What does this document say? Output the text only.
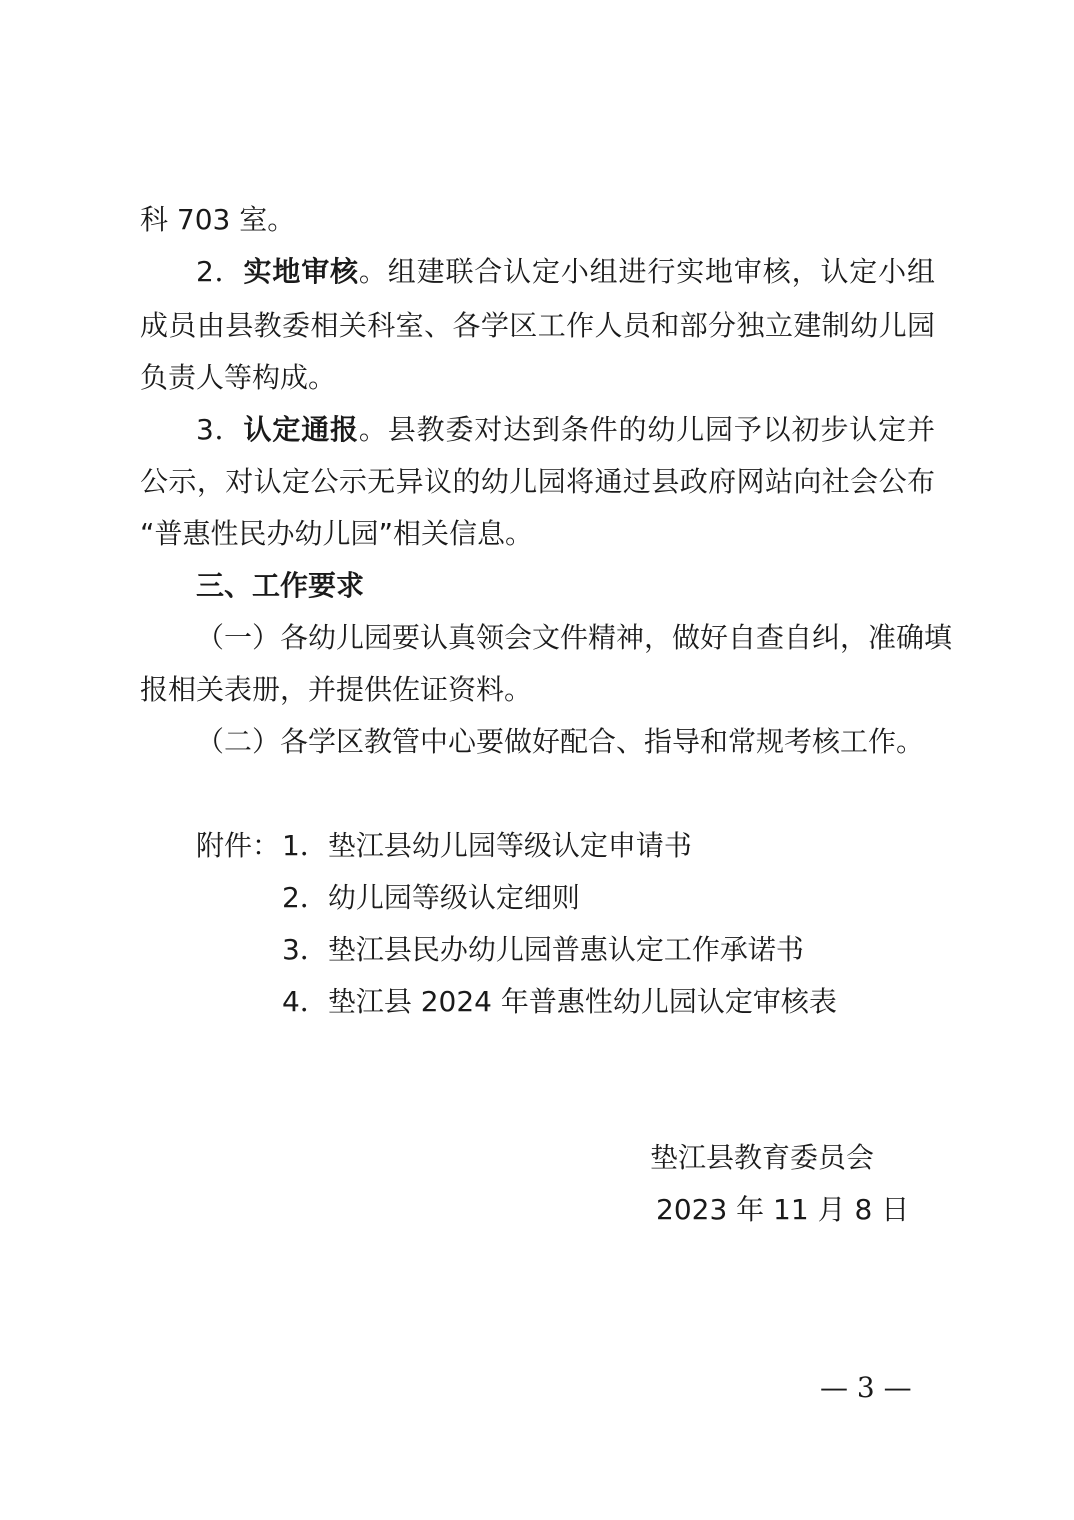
科 703 室。
2．实地审核。组建联合认定小组进行实地审核，认定小组
成员由县教委相关科室、各学区工作人员和部分独立建制幼儿园
负责人等构成。
3．认定通报。县教委对达到条件的幼儿园予以初步认定并
公示，对认定公示无异议的幼儿园将通过县政府网站向社会公布
“普惠性民办幼儿园”相关信息。
三、工作要求
（一）各幼儿园要认真领会文件精神，做好自查自纠，准确填
报相关表册，并提供佐证资料。
（二）各学区教管中心要做好配合、指导和常规考核工作。
附件： 1．垫江县幼儿园等级认定申请书
2．幼儿园等级认定细则
3．垫江县民办幼儿园普惠认定工作承诺书
4．垫江县 2024 年普惠性幼儿园认定审核表
垫江县教育委员会
2023 年 11 月 8 日
— 3 —
